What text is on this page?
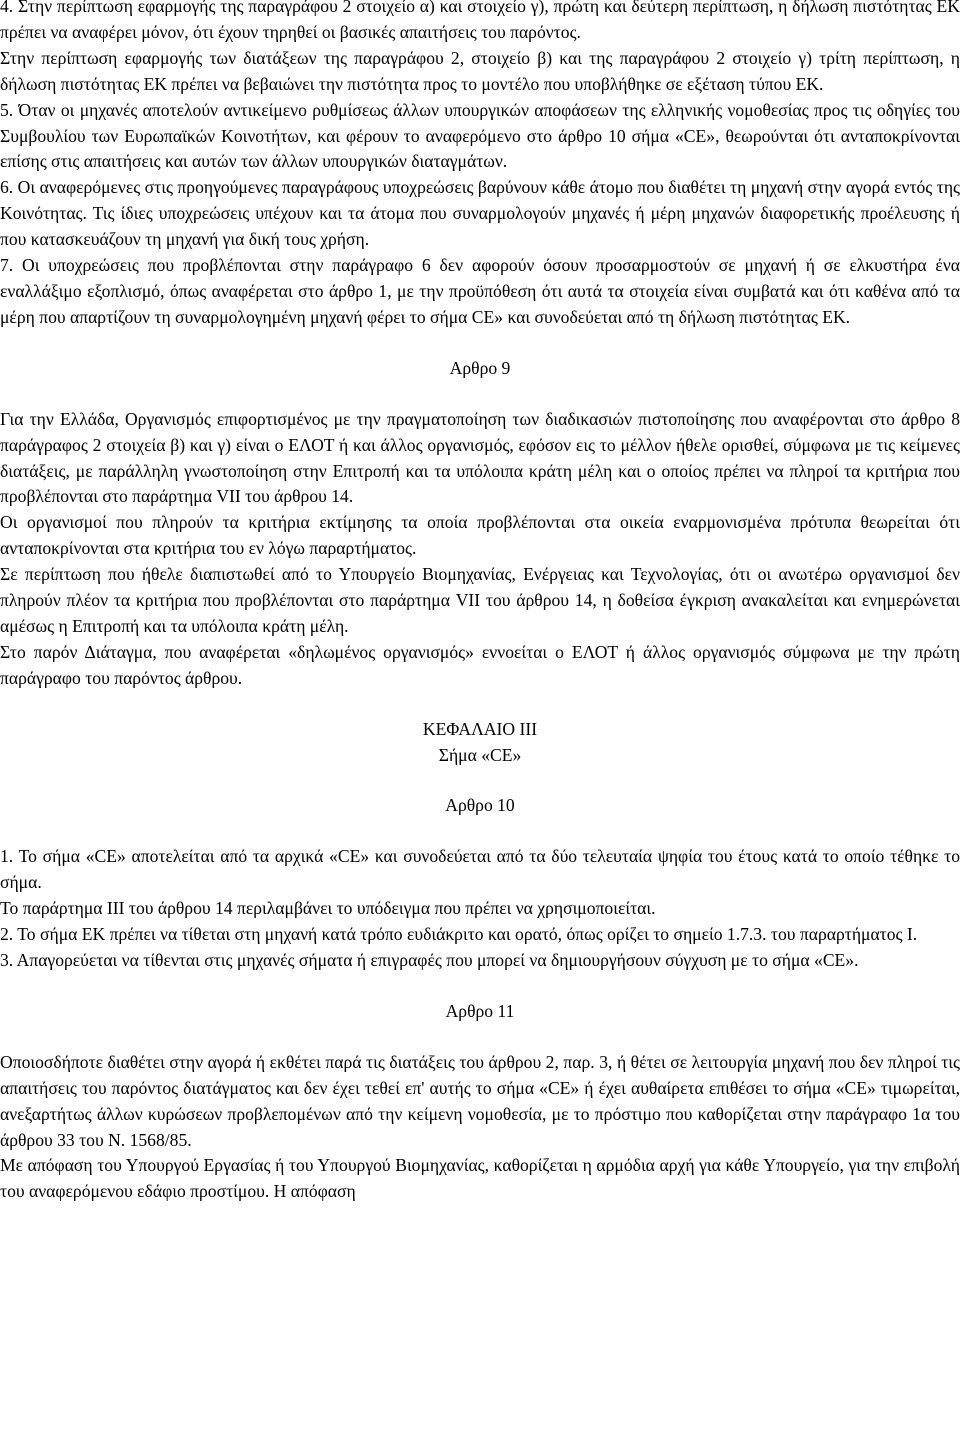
4. Στην περίπτωση εφαρμογής της παραγράφου 2 στοιχείο α) και στοιχείο γ), πρώτη και δεύτερη περίπτωση, η δήλωση πιστότητας ΕΚ πρέπει να αναφέρει μόνον, ότι έχουν τηρηθεί οι βασικές απαιτήσεις του παρόντος.

Στην περίπτωση εφαρμογής των διατάξεων της παραγράφου 2, στοιχείο β) και της παραγράφου 2 στοιχείο γ) τρίτη περίπτωση, η δήλωση πιστότητας ΕΚ πρέπει να βεβαιώνει την πιστότητα προς το μοντέλο που υποβλήθηκε σε εξέταση τύπου ΕΚ.

5. Όταν οι μηχανές αποτελούν αντικείμενο ρυθμίσεως άλλων υπουργικών αποφάσεων της ελληνικής νομοθεσίας προς τις οδηγίες του Συμβουλίου των Ευρωπαϊκών Κοινοτήτων, και φέρουν το αναφερόμενο στο άρθρο 10 σήμα «CE», θεωρούνται ότι ανταποκρίνονται επίσης στις απαιτήσεις και αυτών των άλλων υπουργικών διαταγμάτων.

6. Οι αναφερόμενες στις προηγούμενες παραγράφους υποχρεώσεις βαρύνουν κάθε άτομο που διαθέτει τη μηχανή στην αγορά εντός της Κοινότητας. Τις ίδιες υποχρεώσεις υπέχουν και τα άτομα που συναρμολογούν μηχανές ή μέρη μηχανών διαφορετικής προέλευσης ή που κατασκευάζουν τη μηχανή για δική τους χρήση.

7. Οι υποχρεώσεις που προβλέπονται στην παράγραφο 6 δεν αφορούν όσουν προσαρμοστούν σε μηχανή ή σε ελκυστήρα ένα εναλλάξιμο εξοπλισμό, όπως αναφέρεται στο άρθρο 1, με την προϋπόθεση ότι αυτά τα στοιχεία είναι συμβατά και ότι καθένα από τα μέρη που απαρτίζουν τη συναρμολογημένη μηχανή φέρει το σήμα CE» και συνοδεύεται από τη δήλωση πιστότητας ΕΚ.

Αρθρο 9

Για την Ελλάδα, Οργανισμός επιφορτισμένος με την πραγματοποίηση των διαδικασιών πιστοποίησης που αναφέρονται στο άρθρο 8 παράγραφος 2 στοιχεία β) και γ) είναι ο ΕΛΟΤ ή και άλλος οργανισμός, εφόσον εις το μέλλον ήθελε ορισθεί, σύμφωνα με τις κείμενες διατάξεις, με παράλληλη γνωστοποίηση στην Επιτροπή και τα υπόλοιπα κράτη μέλη και ο οποίος πρέπει να πληροί τα κριτήρια που προβλέπονται στο παράρτημα VII του άρθρου 14.

Οι οργανισμοί που πληρούν τα κριτήρια εκτίμησης τα οποία προβλέπονται στα οικεία εναρμονισμένα πρότυπα θεωρείται ότι ανταποκρίνονται στα κριτήρια του εν λόγω παραρτήματος.

Σε περίπτωση που ήθελε διαπιστωθεί από το Υπουργείο Βιομηχανίας, Ενέργειας και Τεχνολογίας, ότι οι ανωτέρω οργανισμοί δεν πληρούν πλέον τα κριτήρια που προβλέπονται στο παράρτημα VII του άρθρου 14, η δοθείσα έγκριση ανακαλείται και ενημερώνεται αμέσως η Επιτροπή και τα υπόλοιπα κράτη μέλη.

Στο παρόν Διάταγμα, που αναφέρεται «δηλωμένος οργανισμός» εννοείται ο ΕΛΟΤ ή άλλος οργανισμός σύμφωνα με την πρώτη παράγραφο του παρόντος άρθρου.

ΚΕΦΑΛΑΙΟ ΙΙΙ

Σήμα «CE»

Αρθρο 10

1. Το σήμα «CE» αποτελείται από τα αρχικά «CE» και συνοδεύεται από τα δύο τελευταία ψηφία του έτους κατά το οποίο τέθηκε το σήμα.

Το παράρτημα ΙΙΙ του άρθρου 14 περιλαμβάνει το υπόδειγμα που πρέπει να χρησιμοποιείται.

2. Το σήμα ΕΚ πρέπει να τίθεται στη μηχανή κατά τρόπο ευδιάκριτο και ορατό, όπως ορίζει το σημείο 1.7.3. του παραρτήματος Ι.

3. Απαγορεύεται να τίθενται στις μηχανές σήματα ή επιγραφές που μπορεί να δημιουργήσουν σύγχυση με το σήμα «CE».

Αρθρο 11

Οποιοσδήποτε διαθέτει στην αγορά ή εκθέτει παρά τις διατάξεις του άρθρου 2, παρ. 3, ή θέτει σε λειτουργία μηχανή που δεν πληροί τις απαιτήσεις του παρόντος διατάγματος και δεν έχει τεθεί επ' αυτής το σήμα «CE» ή έχει αυθαίρετα επιθέσει το σήμα «CE» τιμωρείται, ανεξαρτήτως άλλων κυρώσεων προβλεπομένων από την κείμενη νομοθεσία, με το πρόστιμο που καθορίζεται στην παράγραφο 1α του άρθρου 33 του Ν. 1568/85.

Με απόφαση του Υπουργού Εργασίας ή του Υπουργού Βιομηχανίας, καθορίζεται η αρμόδια αρχή για κάθε Υπουργείο, για την επιβολή του αναφερόμενου εδάφιο προστίμου. Η απόφαση
